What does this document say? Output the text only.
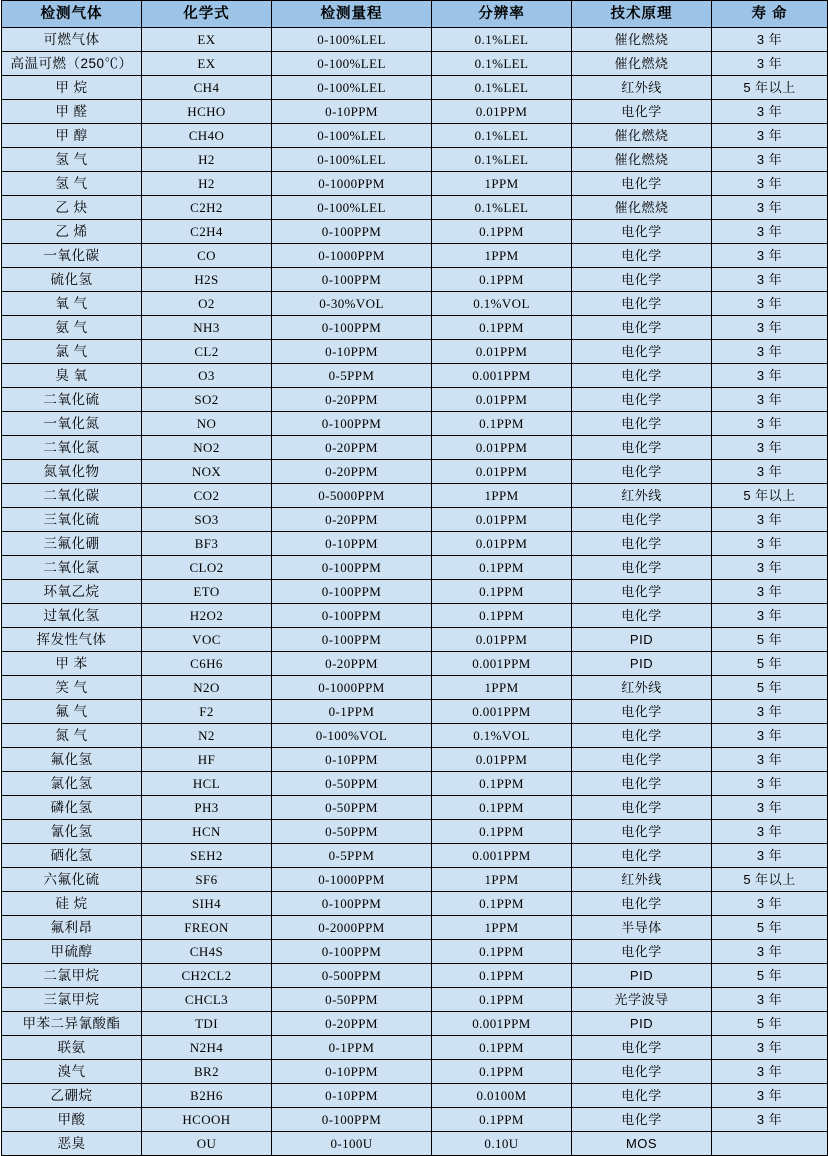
检测气体	化学式	检测量程	分辨率	技术原理	寿 命
可燃气体	EX	0-100%LEL	0.1%LEL	催化燃烧	3 年
高温可燃（250℃）	EX	0-100%LEL	0.1%LEL	催化燃烧	3 年
甲 烷	CH4	0-100%LEL	0.1%LEL	红外线	5 年以上
甲 醛	HCHO	0-10PPM	0.01PPM	电化学	3 年
甲 醇	CH4O	0-100%LEL	0.1%LEL	催化燃烧	3 年
氢 气	H2	0-100%LEL	0.1%LEL	催化燃烧	3 年
氢 气	H2	0-1000PPM	1PPM	电化学	3 年
乙 炔	C2H2	0-100%LEL	0.1%LEL	催化燃烧	3 年
乙 烯	C2H4	0-100PPM	0.1PPM	电化学	3 年
一氧化碳	CO	0-1000PPM	1PPM	电化学	3 年
硫化氢	H2S	0-100PPM	0.1PPM	电化学	3 年
氧 气	O2	0-30%VOL	0.1%VOL	电化学	3 年
氨 气	NH3	0-100PPM	0.1PPM	电化学	3 年
氯 气	CL2	0-10PPM	0.01PPM	电化学	3 年
臭 氧	O3	0-5PPM	0.001PPM	电化学	3 年
二氧化硫	SO2	0-20PPM	0.01PPM	电化学	3 年
一氧化氮	NO	0-100PPM	0.1PPM	电化学	3 年
二氧化氮	NO2	0-20PPM	0.01PPM	电化学	3 年
氮氧化物	NOX	0-20PPM	0.01PPM	电化学	3 年
二氧化碳	CO2	0-5000PPM	1PPM	红外线	5 年以上
三氧化硫	SO3	0-20PPM	0.01PPM	电化学	3 年
三氟化硼	BF3	0-10PPM	0.01PPM	电化学	3 年
二氧化氯	CLO2	0-100PPM	0.1PPM	电化学	3 年
环氧乙烷	ETO	0-100PPM	0.1PPM	电化学	3 年
过氧化氢	H2O2	0-100PPM	0.1PPM	电化学	3 年
挥发性气体	VOC	0-100PPM	0.01PPM	PID	5 年
甲 苯	C6H6	0-20PPM	0.001PPM	PID	5 年
笑 气	N2O	0-1000PPM	1PPM	红外线	5 年
氟 气	F2	0-1PPM	0.001PPM	电化学	3 年
氮 气	N2	0-100%VOL	0.1%VOL	电化学	3 年
氟化氢	HF	0-10PPM	0.01PPM	电化学	3 年
氯化氢	HCL	0-50PPM	0.1PPM	电化学	3 年
磷化氢	PH3	0-50PPM	0.1PPM	电化学	3 年
氰化氢	HCN	0-50PPM	0.1PPM	电化学	3 年
硒化氢	SEH2	0-5PPM	0.001PPM	电化学	3 年
六氟化硫	SF6	0-1000PPM	1PPM	红外线	5 年以上
硅 烷	SIH4	0-100PPM	0.1PPM	电化学	3 年
氟利昂	FREON	0-2000PPM	1PPM	半导体	5 年
甲硫醇	CH4S	0-100PPM	0.1PPM	电化学	3 年
二氯甲烷	CH2CL2	0-500PPM	0.1PPM	PID	5 年
三氯甲烷	CHCL3	0-50PPM	0.1PPM	光学波导	3 年
甲苯二异氰酸酯	TDI	0-20PPM	0.001PPM	PID	5 年
联氨	N2H4	0-1PPM	0.1PPM	电化学	3 年
溴气	BR2	0-10PPM	0.1PPM	电化学	3 年
乙硼烷	B2H6	0-10PPM	0.0100M	电化学	3 年
甲酸	HCOOH	0-100PPM	0.1PPM	电化学	3 年
恶臭	OU	0-100U	0.10U	MOS	
